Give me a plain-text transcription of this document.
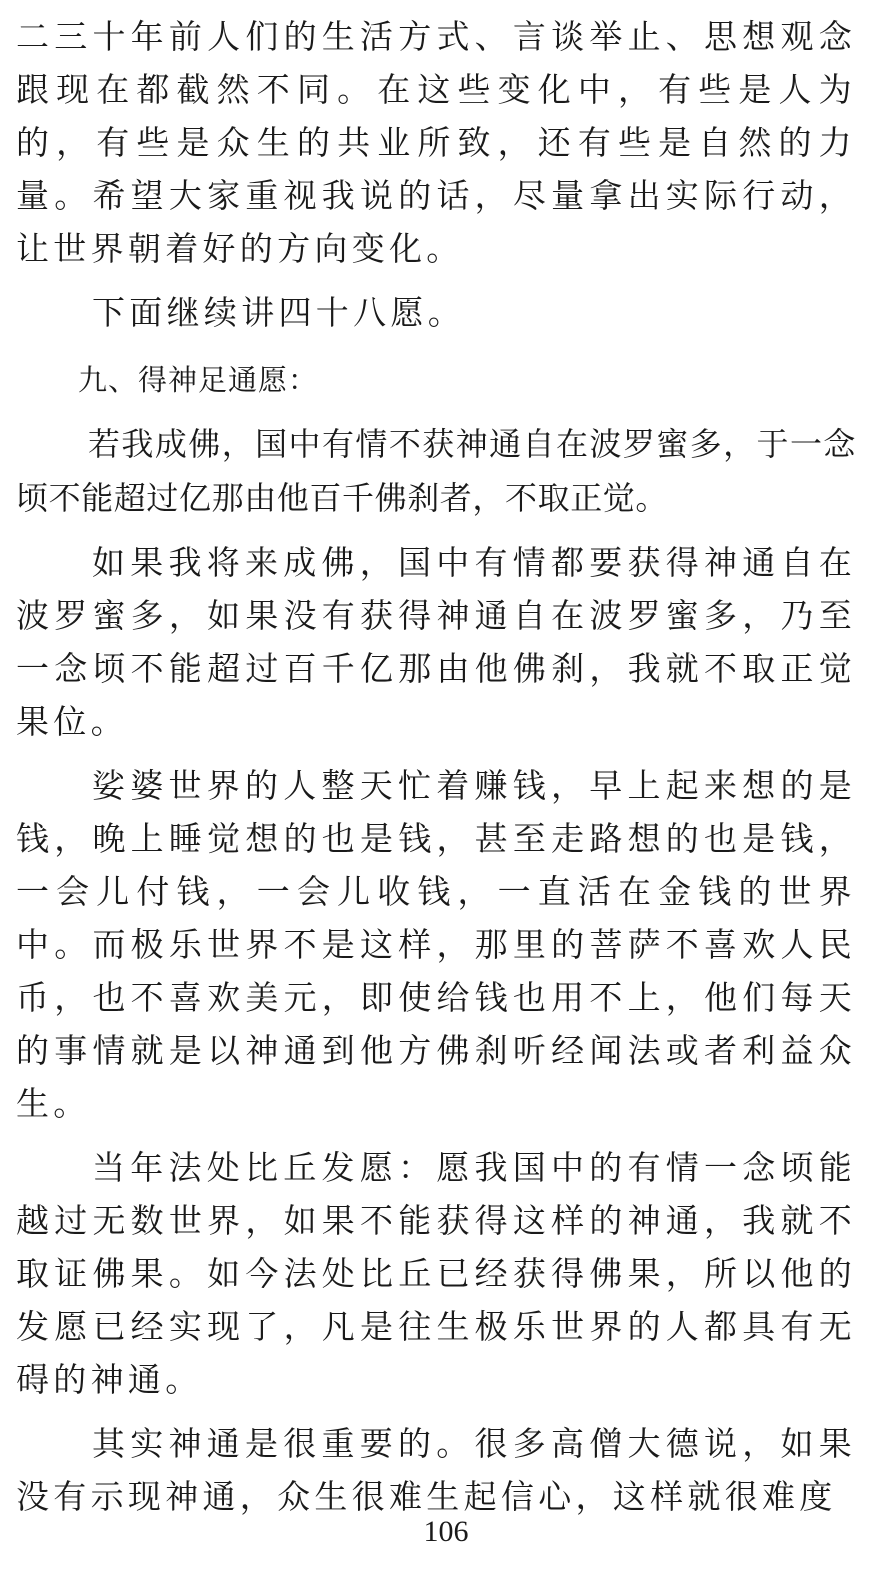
二三十年前人们的生活方式、言谈举止、思想观念跟现在都截然不同。在这些变化中，有些是人为的，有些是众生的共业所致，还有些是自然的力量。希望大家重视我说的话，尽量拿出实际行动，让世界朝着好的方向变化。

下面继续讲四十八愿。

九、得神足通愿：

若我成佛，国中有情不获神通自在波罗蜜多，于一念顷不能超过亿那由他百千佛刹者，不取正觉。

如果我将来成佛，国中有情都要获得神通自在波罗蜜多，如果没有获得神通自在波罗蜜多，乃至一念顷不能超过百千亿那由他佛刹，我就不取正觉果位。

娑婆世界的人整天忙着赚钱，早上起来想的是钱，晚上睡觉想的也是钱，甚至走路想的也是钱，一会儿付钱，一会儿收钱，一直活在金钱的世界中。而极乐世界不是这样，那里的菩萨不喜欢人民币，也不喜欢美元，即使给钱也用不上，他们每天的事情就是以神通到他方佛刹听经闻法或者利益众生。

当年法处比丘发愿：愿我国中的有情一念顷能越过无数世界，如果不能获得这样的神通，我就不取证佛果。如今法处比丘已经获得佛果，所以他的发愿已经实现了，凡是往生极乐世界的人都具有无碍的神通。

其实神通是很重要的。很多高僧大德说，如果没有示现神通，众生很难生起信心，这样就很难度

106
